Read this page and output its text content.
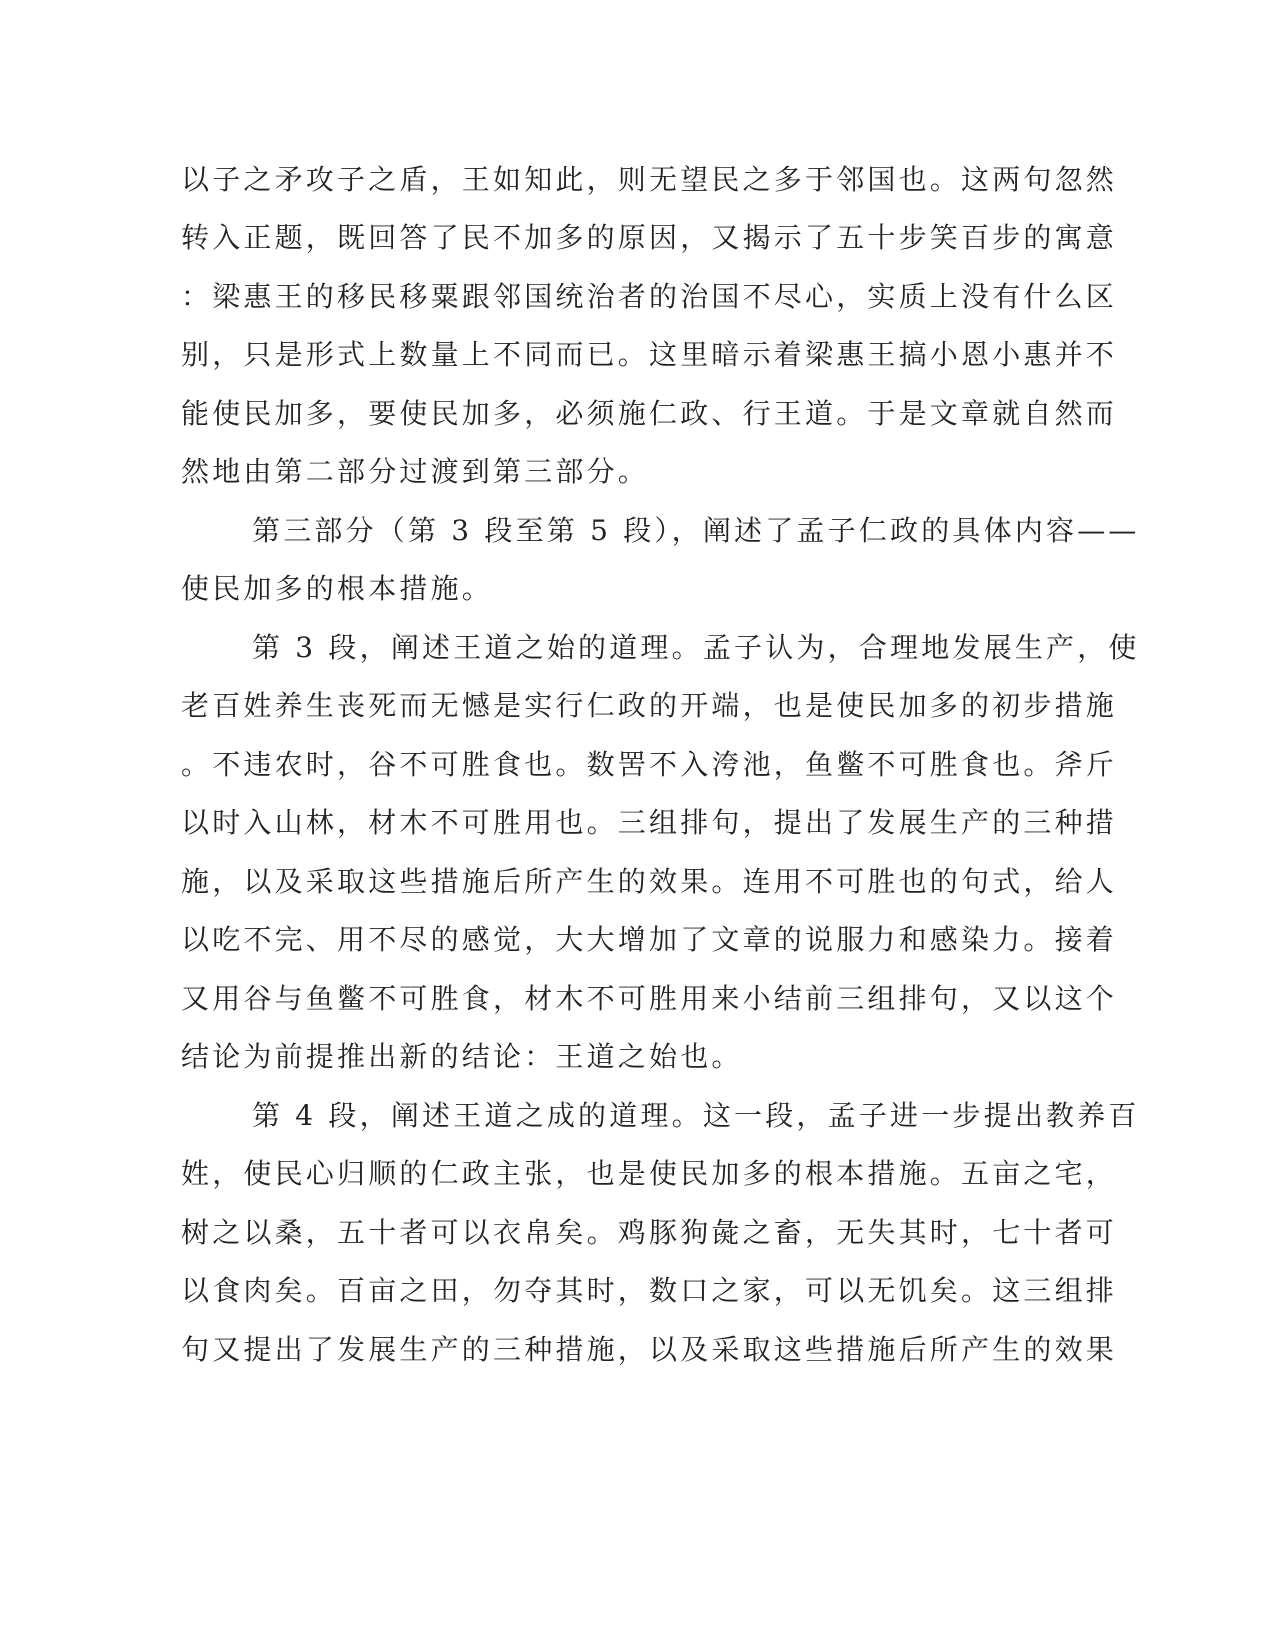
以子之矛攻子之盾，王如知此，则无望民之多于邻国也。这两句忽然
转入正题，既回答了民不加多的原因，又揭示了五十步笑百步的寓意
：梁惠王的移民移粟跟邻国统治者的治国不尽心，实质上没有什么区
别，只是形式上数量上不同而已。这里暗示着梁惠王搞小恩小惠并不
能使民加多，要使民加多，必须施仁政、行王道。于是文章就自然而
然地由第二部分过渡到第三部分。
第三部分（第 3 段至第 5 段），阐述了孟子仁政的具体内容——
使民加多的根本措施。
第 3 段，阐述王道之始的道理。孟子认为，合理地发展生产，使
老百姓养生丧死而无憾是实行仁政的开端，也是使民加多的初步措施
。不违农时，谷不可胜食也。数罟不入洿池，鱼鳖不可胜食也。斧斤
以时入山林，材木不可胜用也。三组排句，提出了发展生产的三种措
施，以及采取这些措施后所产生的效果。连用不可胜也的句式，给人
以吃不完、用不尽的感觉，大大增加了文章的说服力和感染力。接着
又用谷与鱼鳖不可胜食，材木不可胜用来小结前三组排句，又以这个
结论为前提推出新的结论：王道之始也。
第 4 段，阐述王道之成的道理。这一段，孟子进一步提出教养百
姓，使民心归顺的仁政主张，也是使民加多的根本措施。五亩之宅，
树之以桑，五十者可以衣帛矣。鸡豚狗彘之畜，无失其时，七十者可
以食肉矣。百亩之田，勿夺其时，数口之家，可以无饥矣。这三组排
句又提出了发展生产的三种措施，以及采取这些措施后所产生的效果
